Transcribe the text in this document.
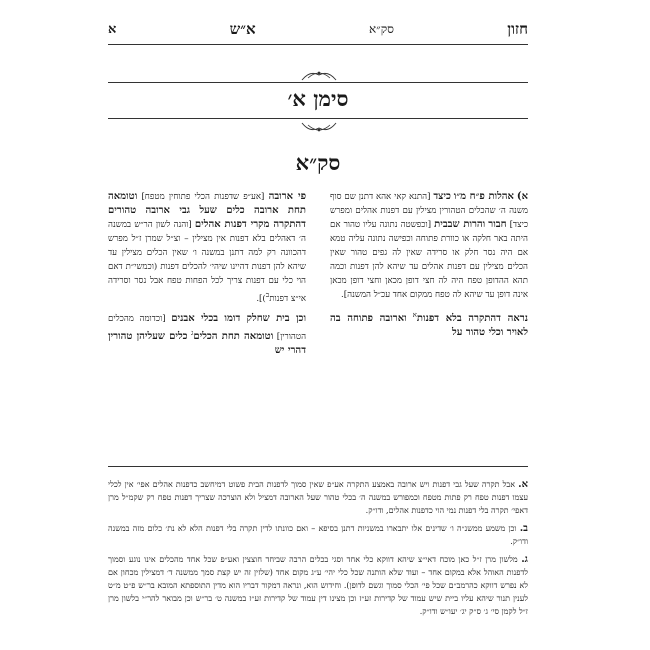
חזון
סק״א
א״ש
א
סימן א׳
סק״א

א) אהלות פ״ח מ״ו כיצד [התנא קאי אהא דתנן שם סוף משנה ה׳ שהכלים הטהורין מצילין עם דפנות אהלים ומפרש כיצד] חבור והרות שבבית [וכפשטה נתונה עליו טהור אם היתה באר חלקה או כוורת פתוחה וכפישה נתונה עליה טמא אם היה נסר חלק או סרידה שאין לה גפים טהור שאין הכלים מצילין עם דפנות אהלים עד שיהא להן דפנות וכמה תהא ההדופן טפח היה לה חצי דופן מכאן וחצי דופן מכאן אינה דופן עד שיהא לה טפח ממקום אחד עכ״ל המשנה].

נראה דהתקרה בלא דפנות$^א$ וארובה פתוחה בה לאויר וכלי טהור על

פי ארובה [אע״פ שדפנות הכלי פתוחין מטפח] וטומאה תחת ארובה כלים שעל גבי ארובה טהורים דהתקרה מקרי דפנות אהלים [והנה לשון הר״ש במשנה ה׳ דאהלים בלא דפנות אין מצילין – וצ״ל שמרן ז״ל מפרש דהכוונה רק למה דתנן במשנה ו׳ שאין הכלים מצילין עד שיהא להן דפנות דהיינו שיהי׳ להכלים דפנות (וכמשי״ת דאם הוי כלי עם דפנות צריך לכל הפחות טפח אבל נסר וסרידה אי״צ דפנות$^ב$)].

וכן בית שחלק דומו בכלי אבנים [וכדומה מהכלים הטהורין] וטומאה תחת הכלים$^ג$ כלים שעליהן טהורין דהרי יש

א. אבל תקרה שעל גבי דפנות ויש ארובה באמצע התקרה אע״פ שאין סמוך לדפנות הבית פשוט דמיחשב כדפנות אהלים אפי׳ אין לכלי עצמו דפנות טפח רק פתות מטפח וכמפורש במשנה ה׳ בכלי טהור שעל הארובה דמציל ולא הוצרכה שצריך דפנות טפח רק שקמ״ל מרן דאפי׳ תקרה בלי דפנות נמי הוי כדפנות אהלים, ודו״ק.

ב. וכן משמע ממשנ״ה ו׳ שדינים אלו יתבארו במשניות דתנן בסיפא – ואם כוונתו לדין תקרה בלי דפנות הלא לא נת׳ כלום מזה במשנה ודו״ק.

ג. מלשון מרן ז״ל כאן מוכח דאי״צ שיהא דווקא כלי אחד וסגי בכלים הרבה שביחד חוצצין ואע״פ שכל אחד מהכלים אינו נוגע וסמוך לדפנות האוהל אלא במקום אחד – ועוד שלא הותנה שכל כלי יהי׳ ע״ג מקום אחד (שלזין זה יש קצת סמך ממשנה ד׳ דמצילין מכחון אם לא נפרש דווקא כהרמב״ם שכל פי׳ הכלי סמוך וגשם לדופן). וחידוש הוא, ונראה דמקור דבריו הוא מדין התוספתא המובא בר״ש פ״ט מ״ט לענין תנור שיהא עליו ביית שיש עמוד של קדירות זע״ז וכן מצינו דין עמוד של קדירות זע״ז במשנה ט׳ בר״ש וכן מבואר להר״י בלשון מרן ז״ל לקמן סי׳ ג׳ ס״ק יג׳ יעו״ש ודו״ק.
